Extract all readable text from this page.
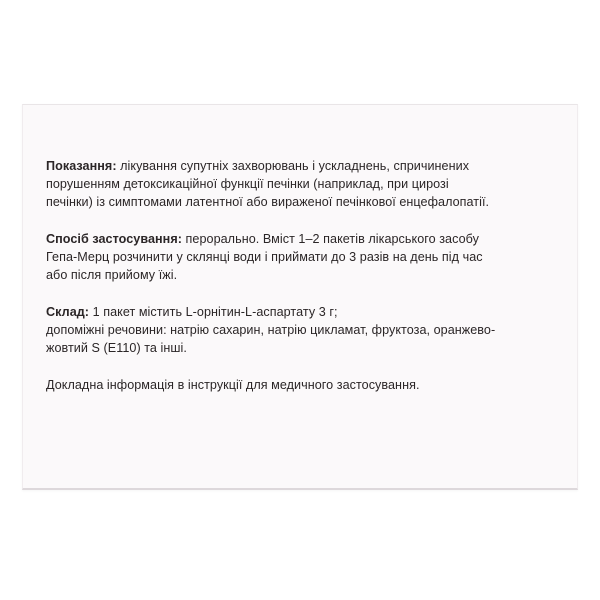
Показання: лікування супутніх захворювань і ускладнень, спричинених
порушенням детоксикаційної функції печінки (наприклад, при цирозі
печінки) із симптомами латентної або вираженої печінкової енцефалопатії.

Спосіб застосування: перорально. Вміст 1–2 пакетів лікарського засобу
Гепа-Мерц розчинити у склянці води і приймати до 3 разів на день під час
або після прийому їжі.

Склад: 1 пакет містить L-орнітин-L-аспартату 3 г;
допоміжні речовини: натрію сахарин, натрію цикламат, фруктоза, оранжево-
жовтий S (E110) та інші.

Докладна інформація в інструкції для медичного застосування.
